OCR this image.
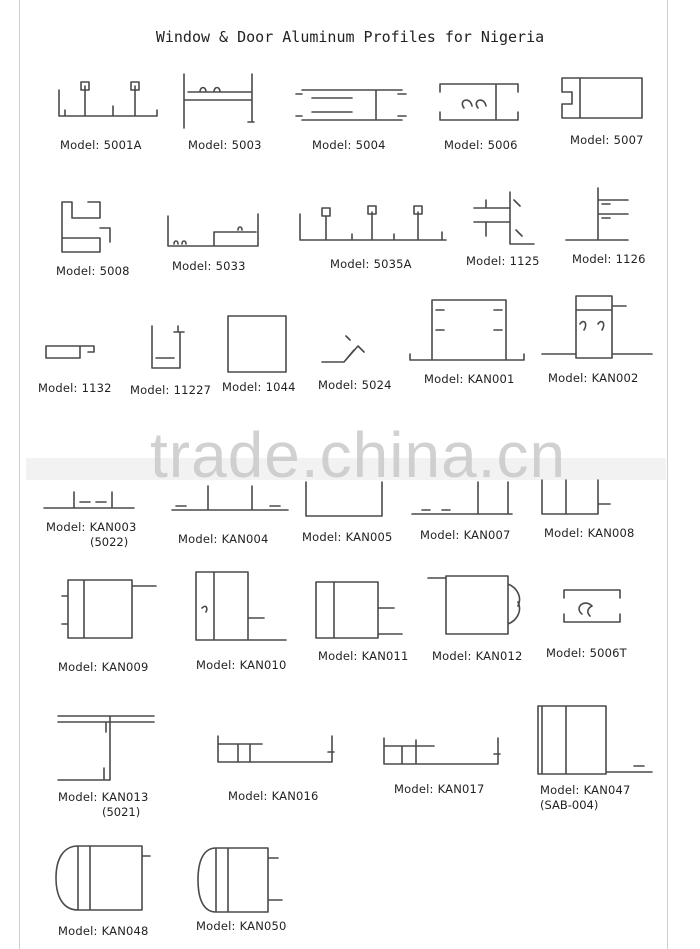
Window & Door Aluminum Profiles for Nigeria
Model: 5001A	Model: 5003	Model: 5004	Model: 5006	Model: 5007
Model: 5008	Model: 5033	Model: 5035A	Model: 1125	Model: 1126
Model: 1132 Model: 11227 Model: 1044 Model: 5024	Model: KAN001	Model: KAN002
trade.china.cn
Model: KAN003
(5022)	Model: KAN004	Model: KAN005 Model: KAN007	Model: KAN008
Model: KAN009	Model: KAN010
Model: KAN011 Model: KAN012 Model: 5006T
Model: KAN013
(5021)
Model: KAN016	Model: KAN017	Model: KAN047
(SAB-004)
Model: KAN048	Model: KAN050
